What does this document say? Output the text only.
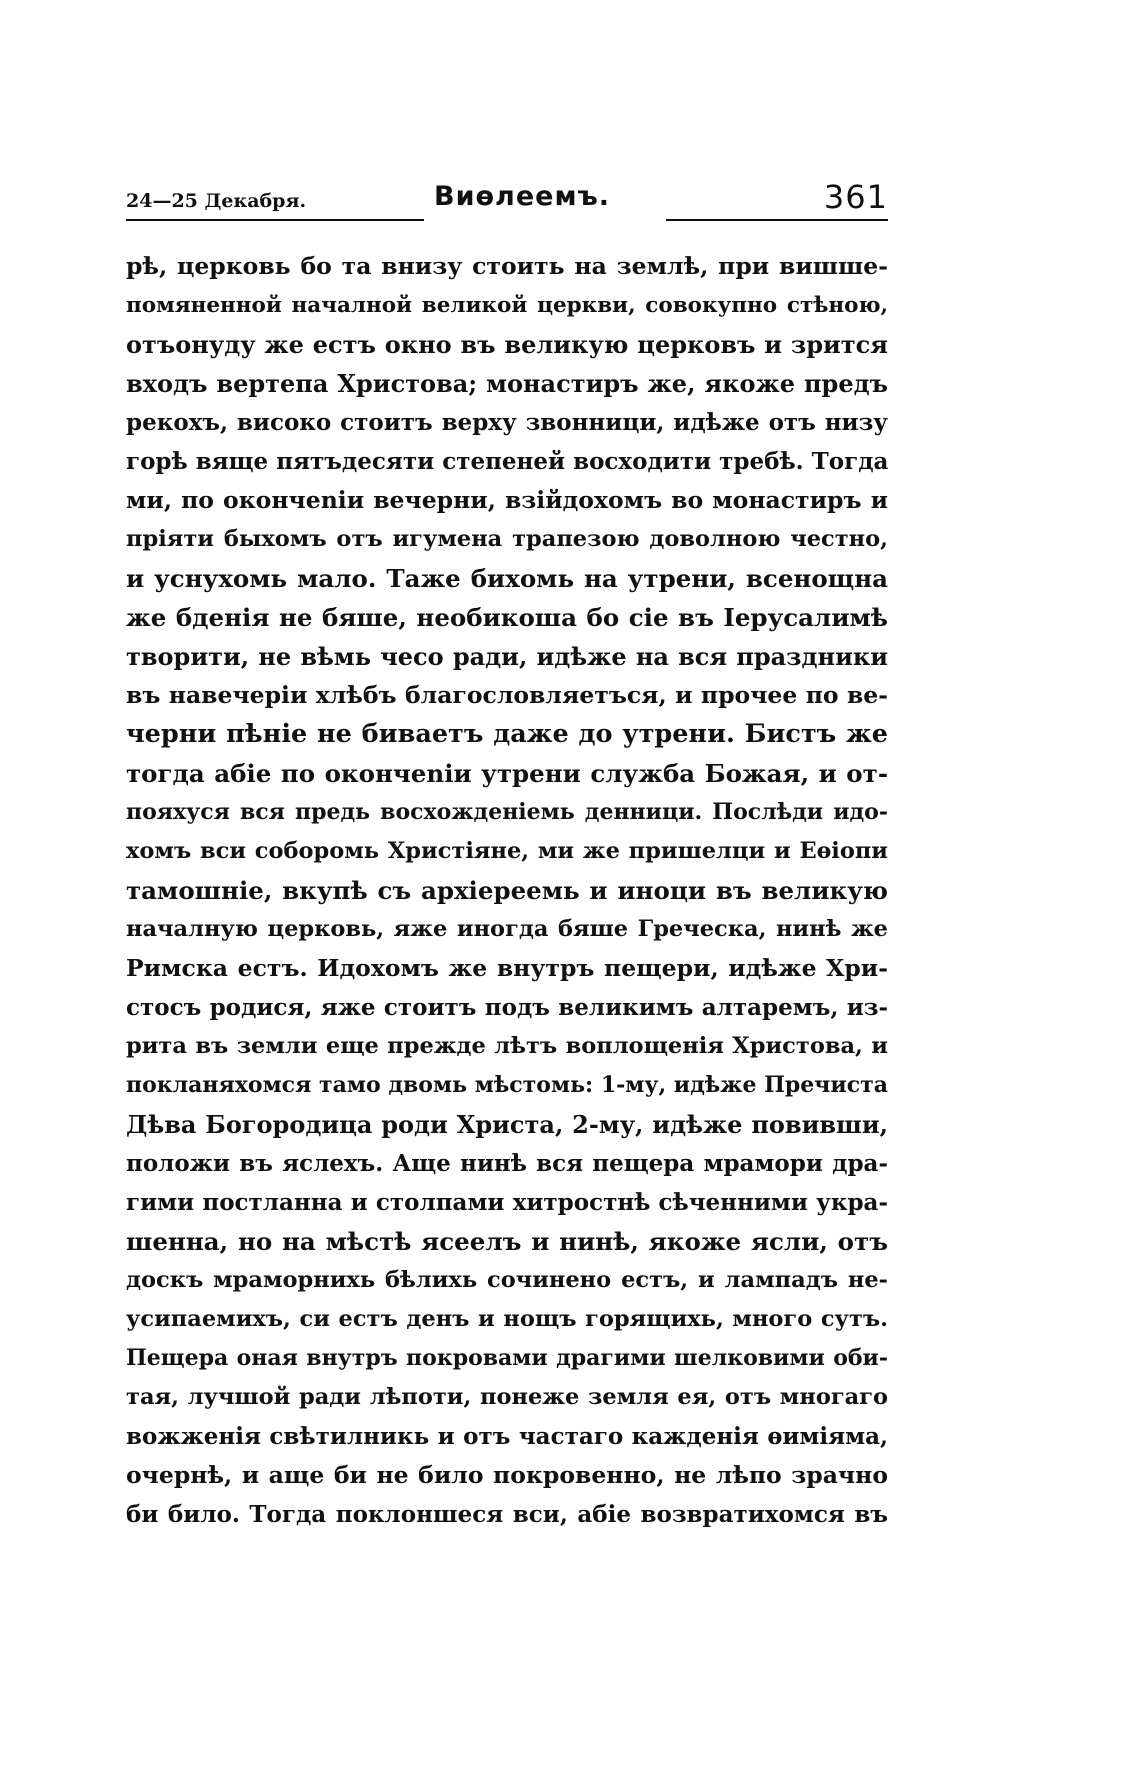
24—25 Декабря.	Виѳлеемъ.	361
рѣ, церковь бо та внизу стоить на землѣ, при вишше-
помяненной началной великой церкви, совокупно стѣною,
отъонуду же естъ окно въ великую церковъ и зрится
входъ вертепа Христова; монастиръ же, якоже предъ
рекохъ, високо стоитъ верху звонници, идѣже отъ низу
горѣ вяще пятъдесяти степеней восходити требѣ. Тогда
ми, по окончеnіи вечерни, взійдохомъ во монастиръ и
пріяти быхомъ отъ игумена трапезою доволною честно,
и уснухомь мало. Таже бихомь на утрени, всенощна
же бденія не бяше, необикоша бо сіе въ Іерусалимѣ
творити, не вѣмь чесо ради, идѣже на вся праздники
въ навечеріи хлѣбъ благословляетъся, и прочее по ве-
черни пѣніе не биваетъ даже до утрени. Бистъ же
тогда абіе по окончеnіи утрени служба Божая, и от-
пояхуся вся предь восхожденіемь денници. Послѣди идо-
хомъ вси соборомь Христіяне, ми же пришелци и Еѳіопи
тамошніе, вкупѣ съ архіереемь и иноци въ великую
началную церковь, яже иногда бяше Греческа, нинѣ же
Римска естъ. Идохомъ же внутръ пещери, идѣже Хри-
стосъ родися, яже стоитъ подъ великимъ алтаремъ, из-
рита въ земли еще прежде лѣтъ воплощенія Христова, и
покланяхомся тамо двомь мѣстомь: 1-му, идѣже Пречиста
Дѣва Богородица роди Христа, 2-му, идѣже повивши,
положи въ яслехъ. Аще нинѣ вся пещера мрамори дра-
гими постланна и столпами хитростнѣ сѣченними укра-
шенна, но на мѣстѣ ясеелъ и нинѣ, якоже ясли, отъ
доскъ мраморнихь бѣлихь сочинено естъ, и лампадъ не-
усипаемихъ, си естъ денъ и нощъ горящихь, много сутъ.
Пещера оная внутръ покровами драгими шелковими оби-
тая, лучшой ради лѣпоти, понеже земля ея, отъ многаго
вожженія свѣтилникь и отъ частаго кажденія ѳиміяма,
очернѣ, и аще би не било покровенно, не лѣпо зрачно
би било. Тогда поклоншеся вси, абіе возвратихомся въ
